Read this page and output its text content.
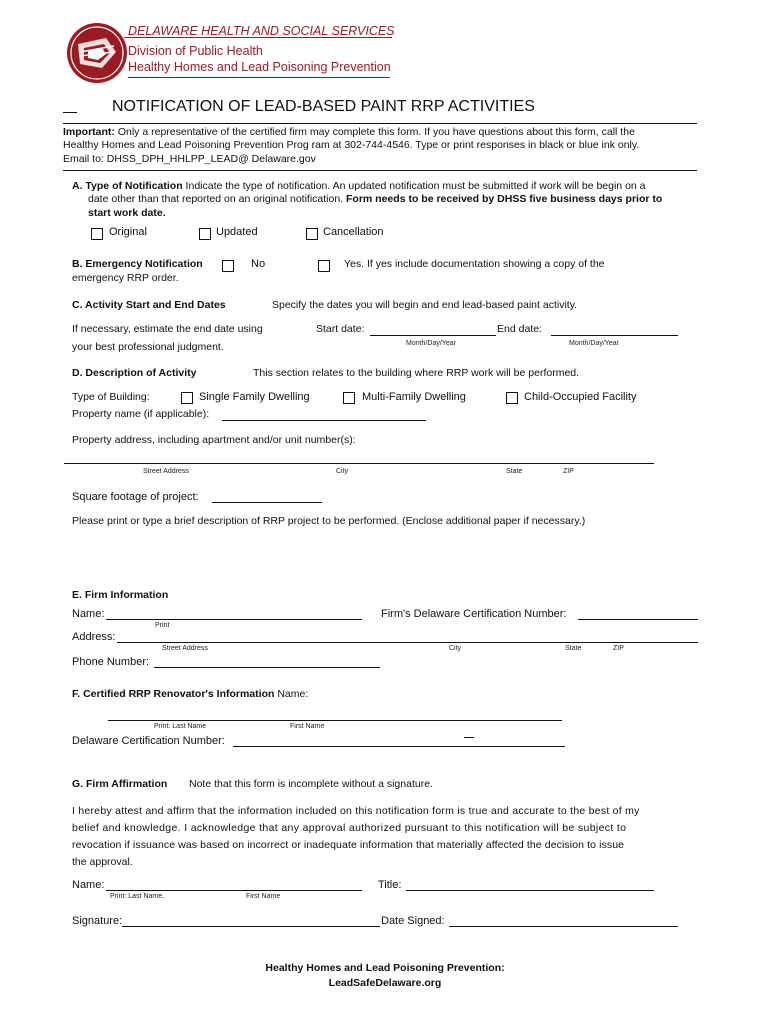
DELAWARE HEALTH AND SOCIAL SERVICES
Division of Public Health
Healthy Homes and Lead Poisoning Prevention
NOTIFICATION OF LEAD-BASED PAINT RRP ACTIVITIES
Important: Only a representative of the certified firm may complete this form. If you have questions about this form, call the
Healthy Homes and Lead Poisoning Prevention Prog ram at 302-744-4546. Type or print responses in black or blue ink only.
Email to: DHSS_DPH_HHLPP_LEAD@ Delaware.gov
A. Type of Notification Indicate the type of notification. An updated notification must be submitted if work will be begin on a
date other than that reported on an original notification. Form needs to be received by DHSS five business days prior to
start work date.
Original	Updated	Cancellation
B. Emergency Notification	No	Yes. If yes include documentation showing a copy of the
emergency RRP order.
C. Activity Start and End Dates	Specify the dates you will begin and end lead-based paint activity.
If necessary, estimate the end date using
your best professional judgment.
Start date:	End date:
Month/Day/Year	Month/Day/Year
D. Description of Activity	This section relates to the building where RRP work will be performed.
Type of Building:	Single Family Dwelling	Multi-Family Dwelling	Child-Occupied Facility
Property name (if applicable):
Property address, including apartment and/or unit number(s):
Street Address	City	State	ZIP
Square footage of project:
Please print or type a brief description of RRP project to be performed. (Enclose additional paper if necessary.)
E. Firm Information
Name:
Print
Firm's Delaware Certification Number:
Address:
Street Address	City	State	ZIP
Phone Number:
F. Certified RRP Renovator's Information Name:
Print: Last Name	First Name
Delaware Certification Number:
G. Firm Affirmation Note that this form is incomplete without a signature.
I hereby attest and affirm that the information included on this notification form is true and accurate to the best of my
belief and knowledge. I acknowledge that any approval authorized pursuant to this notification will be subject to
revocation if issuance was based on incorrect or inadequate information that materially affected the decision to issue
the approval.
Name:
Print: Last Name,	First Name
Title:
Signature:	Date Signed:
Healthy Homes and Lead Poisoning Prevention:
LeadSafeDelaware.org
